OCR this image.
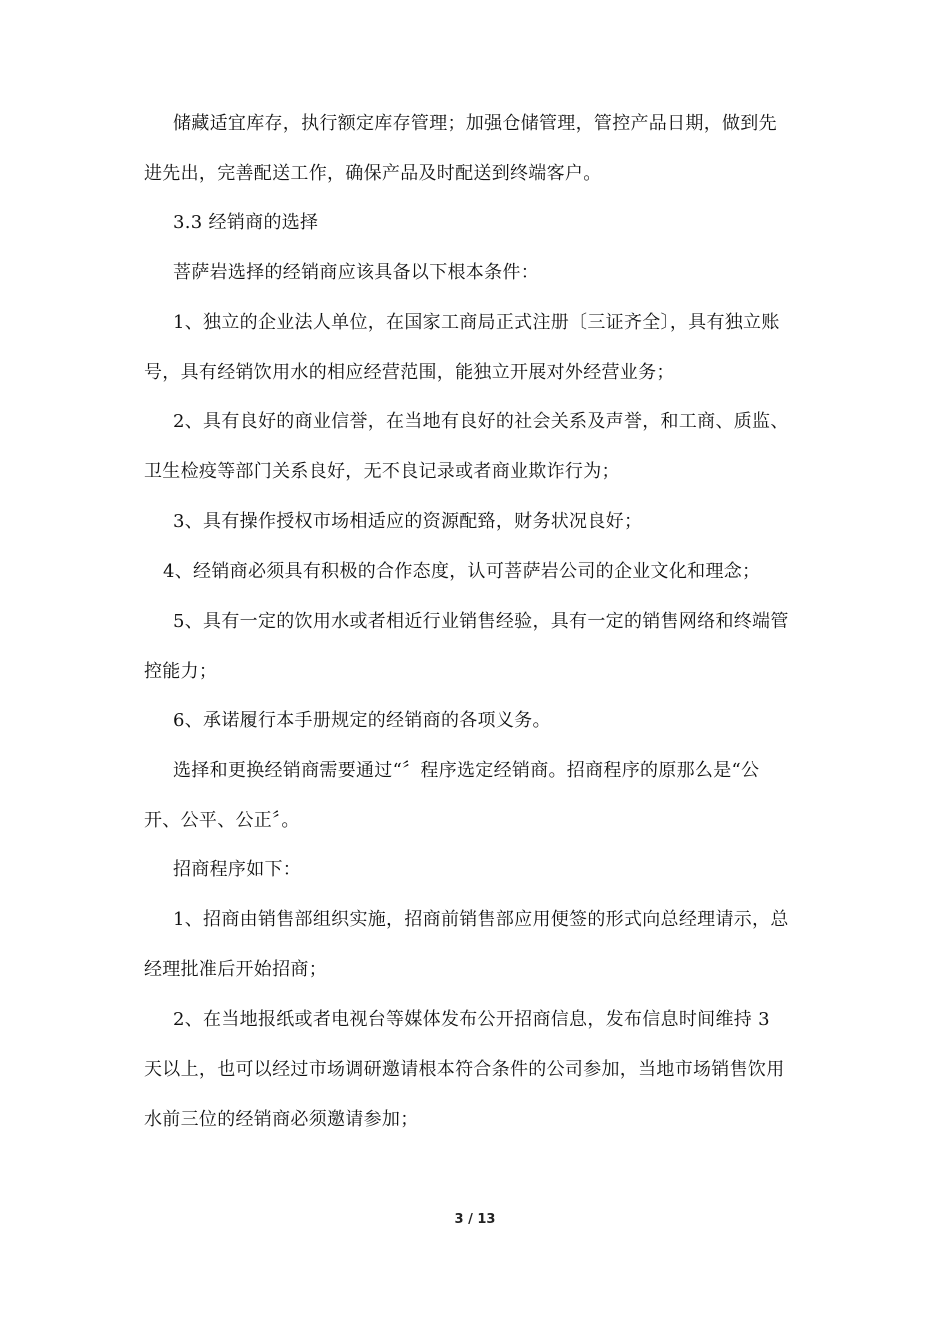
储藏适宜库存，执行额定库存管理；加强仓储管理，管控产品日期，做到先
进先出，完善配送工作，确保产品及时配送到终端客户。
3.3 经销商的选择
菩萨岩选择的经销商应该具备以下根本条件：
1、独立的企业法人单位，在国家工商局正式注册〔三证齐全〕，具有独立账
号，具有经销饮用水的相应经营范围，能独立开展对外经营业务；
2、具有良好的商业信誉，在当地有良好的社会关系及声誉，和工商、质监、
卫生检疫等部门关系良好，无不良记录或者商业欺诈行为；
3、具有操作授权市场相适应的资源配臵，财务状况良好；
4、经销商必须具有积极的合作态度，认可菩萨岩公司的企业文化和理念；
5、具有一定的饮用水或者相近行业销售经验，具有一定的销售网络和终端管
控能力；
6、承诺履行本手册规定的经销商的各项义务。
选择和更换经销商需要通过“〞程序选定经销商。招商程序的原那么是“公
开、公平、公正〞。
招商程序如下：
1、招商由销售部组织实施，招商前销售部应用便签的形式向总经理请示，总
经理批准后开始招商；
2、在当地报纸或者电视台等媒体发布公开招商信息，发布信息时间维持 3
天以上，也可以经过市场调研邀请根本符合条件的公司参加，当地市场销售饮用
水前三位的经销商必须邀请参加；
3 / 13
